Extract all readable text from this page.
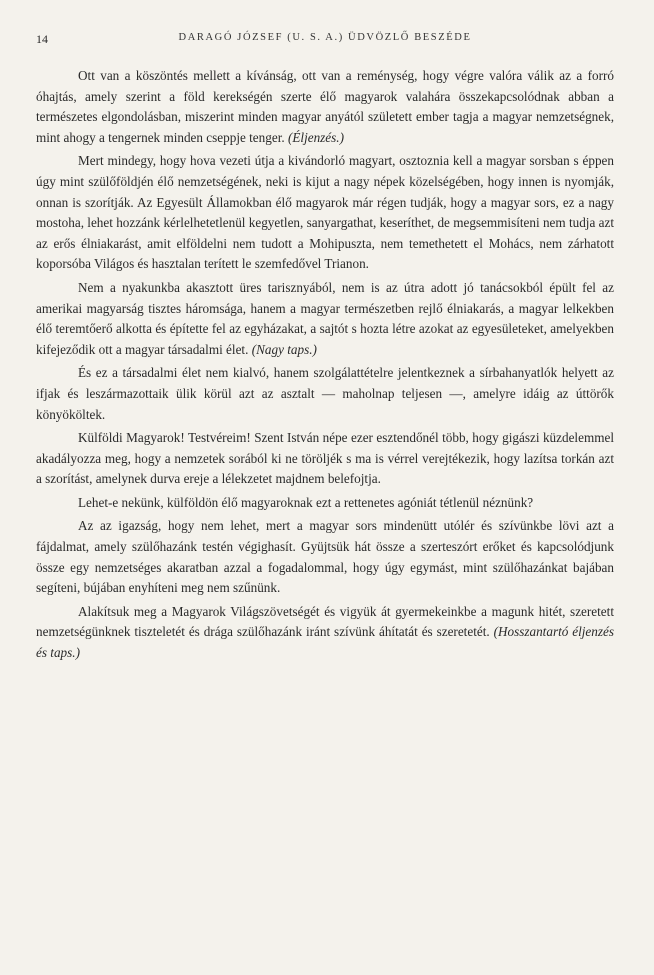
14	DARAGÓ JÓZSEF (U. S. A.) ÜDVÖZLŐ BESZÉDE

Ott van a köszöntés mellett a kívánság, ott van a reménység, hogy végre valóra válik az a forró óhajtás, amely szerint a föld kerekségén szerte élő magyarok valahára összekapcsolódnak abban a természetes elgondolásban, miszerint minden magyar anyától született ember tagja a magyar nemzetségnek, mint ahogy a tengernek minden cseppje tenger. (Éljenzés.)

Mert mindegy, hogy hova vezeti útja a kivándorló magyart, osztoznia kell a magyar sorsban s éppen úgy mint szülőföldjén élő nemzetségének, neki is kijut a nagy népek közelségében, hogy innen is nyomják, onnan is szorítják. Az Egyesült Államokban élő magyarok már régen tudják, hogy a magyar sors, ez a nagy mostoha, lehet hozzánk kérlelhetetlenül kegyetlen, sanyargathat, keseríthet, de megsemmisíteni nem tudja azt az erős élniakarást, amit elföldelni nem tudott a Mohipuszta, nem temethetett el Mohács, nem zárhatott koporsóba Világos és hasztalan terített le szemfedővel Trianon.

Nem a nyakunkba akasztott üres tarisznyából, nem is az útra adott jó tanácsokból épült fel az amerikai magyarság tisztes háromsága, hanem a magyar természetben rejlő élniakarás, a magyar lelkekben élő teremtőerő alkotta és építette fel az egyházakat, a sajtót s hozta létre azokat az egyesületeket, amelyekben kifejeződik ott a magyar társadalmi élet. (Nagy taps.)

És ez a társadalmi élet nem kialvó, hanem szolgálattételre jelentkeznek a sírbahanyatlók helyett az ifjak és leszármazottaik ülik körül azt az asztalt — maholnap teljesen —, amelyre idáig az úttörők könyököltek.

Külföldi Magyarok! Testvéreim! Szent István népe ezer esztendőnél több, hogy gigászi küzdelemmel akadályozza meg, hogy a nemzetek sorából ki ne töröljék s ma is vérrel verejtékezik, hogy lazítsa torkán azt a szorítást, amelynek durva ereje a lélekzetet majdnem belefojtja.

Lehet-e nekünk, külföldön élő magyaroknak ezt a rettenetes agóniát tétlenül néznünk?

Az az igazság, hogy nem lehet, mert a magyar sors mindenütt utólér és szívünkbe lövi azt a fájdalmat, amely szülőhazánk testén végighasít. Gyüjtsük hát össze a szerteszórt erőket és kapcsolódjunk össze egy nemzetséges akaratban azzal a fogadalommal, hogy úgy egymást, mint szülőhazánkat bajában segíteni, bújában enyhíteni meg nem szűnünk.

Alakítsuk meg a Magyarok Világszövetségét és vigyük át gyermekeinkbe a magunk hitét, szeretett nemzetségünknek tiszteletét és drága szülőhazánk iránt szívünk áhítatát és szeretetét. (Hosszantartó éljenzés és taps.)
